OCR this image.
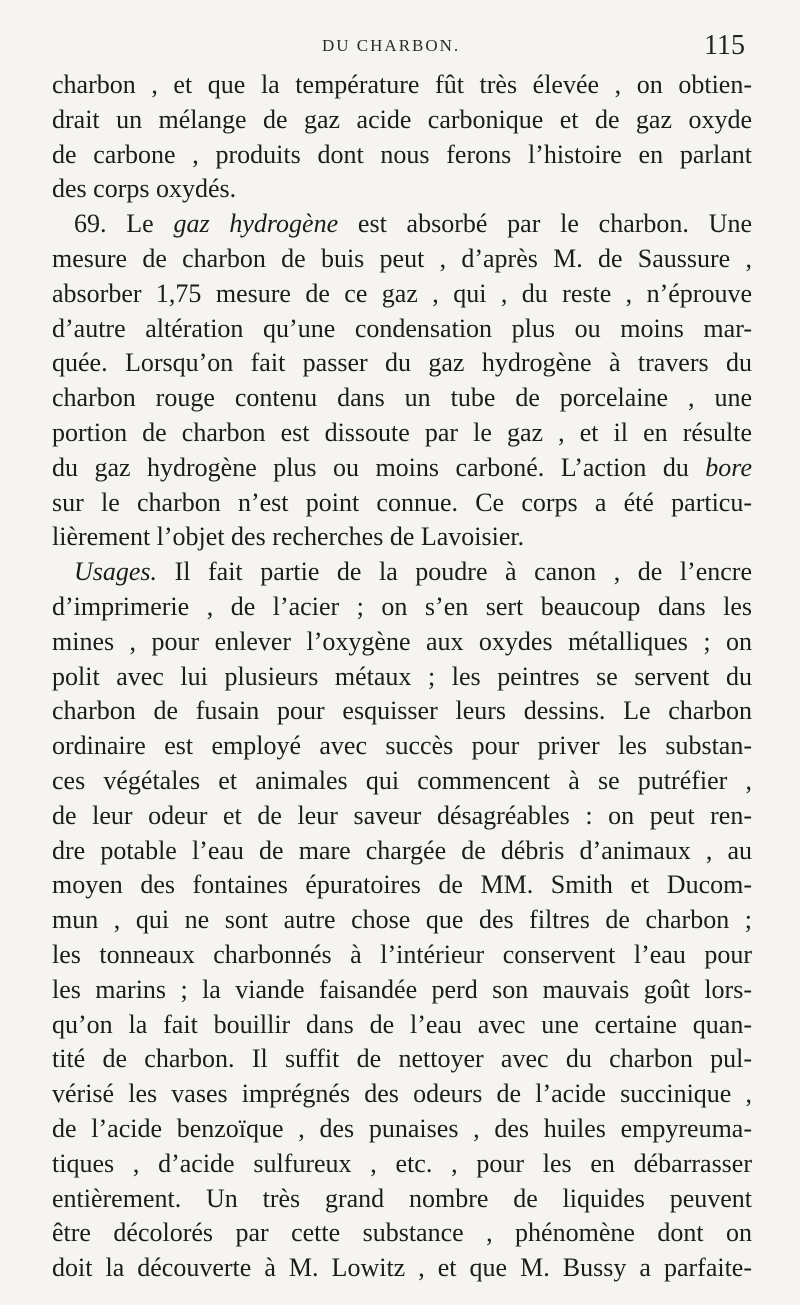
DU CHARBON.	115
charbon , et que la température fût très élevée , on obtien-
drait un mélange de gaz acide carbonique et de gaz oxyde
de carbone , produits dont nous ferons l’histoire en parlant
des corps oxydés.
69. Le gaz hydrogène est absorbé par le charbon. Une
mesure de charbon de buis peut , d’après M. de Saussure ,
absorber 1,75 mesure de ce gaz , qui , du reste , n’éprouve
d’autre altération qu’une condensation plus ou moins mar-
quée. Lorsqu’on fait passer du gaz hydrogène à travers du
charbon rouge contenu dans un tube de porcelaine , une
portion de charbon est dissoute par le gaz , et il en résulte
du gaz hydrogène plus ou moins carboné. L’action du bore
sur le charbon n’est point connue. Ce corps a été particu-
lièrement l’objet des recherches de Lavoisier.
Usages. Il fait partie de la poudre à canon , de l’encre
d’imprimerie , de l’acier ; on s’en sert beaucoup dans les
mines , pour enlever l’oxygène aux oxydes métalliques ; on
polit avec lui plusieurs métaux ; les peintres se servent du
charbon de fusain pour esquisser leurs dessins. Le charbon
ordinaire est employé avec succès pour priver les substan-
ces végétales et animales qui commencent à se putréfier ,
de leur odeur et de leur saveur désagréables : on peut ren-
dre potable l’eau de mare chargée de débris d’animaux , au
moyen des fontaines épuratoires de MM. Smith et Ducom-
mun , qui ne sont autre chose que des filtres de charbon ;
les tonneaux charbonnés à l’intérieur conservent l’eau pour
les marins ; la viande faisandée perd son mauvais goût lors-
qu’on la fait bouillir dans de l’eau avec une certaine quan-
tité de charbon. Il suffit de nettoyer avec du charbon pul-
vérisé les vases imprégnés des odeurs de l’acide succinique ,
de l’acide benzoïque , des punaises , des huiles empyreuma-
tiques , d’acide sulfureux , etc. , pour les en débarrasser
entièrement. Un très grand nombre de liquides peuvent
être décolorés par cette substance , phénomène dont on
doit la découverte à M. Lowitz , et que M. Bussy a parfaite-
